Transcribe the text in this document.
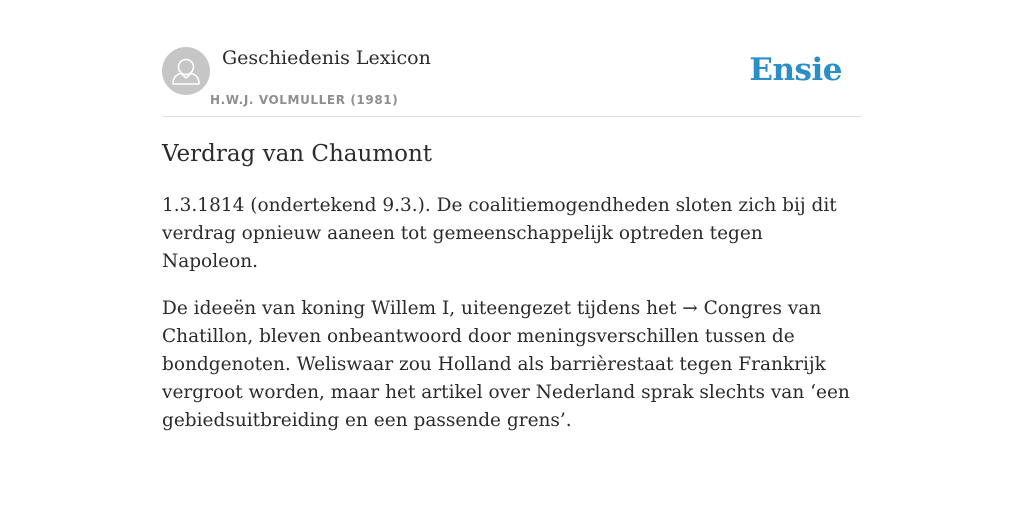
Geschiedenis Lexicon
H.W.J. VOLMULLER (1981)
Ensie
Verdrag van Chaumont

1.3.1814 (ondertekend 9.3.). De coalitiemogendheden sloten zich bij dit verdrag opnieuw aaneen tot gemeenschappelijk optreden tegen Napoleon.

De ideeën van koning Willem I, uiteengezet tijdens het → Congres van Chatillon, bleven onbeantwoord door meningsverschillen tussen de bondgenoten. Weliswaar zou Holland als barrièrestaat tegen Frankrijk vergroot worden, maar het artikel over Nederland sprak slechts van ‘een gebiedsuitbreiding en een passende grens’.
